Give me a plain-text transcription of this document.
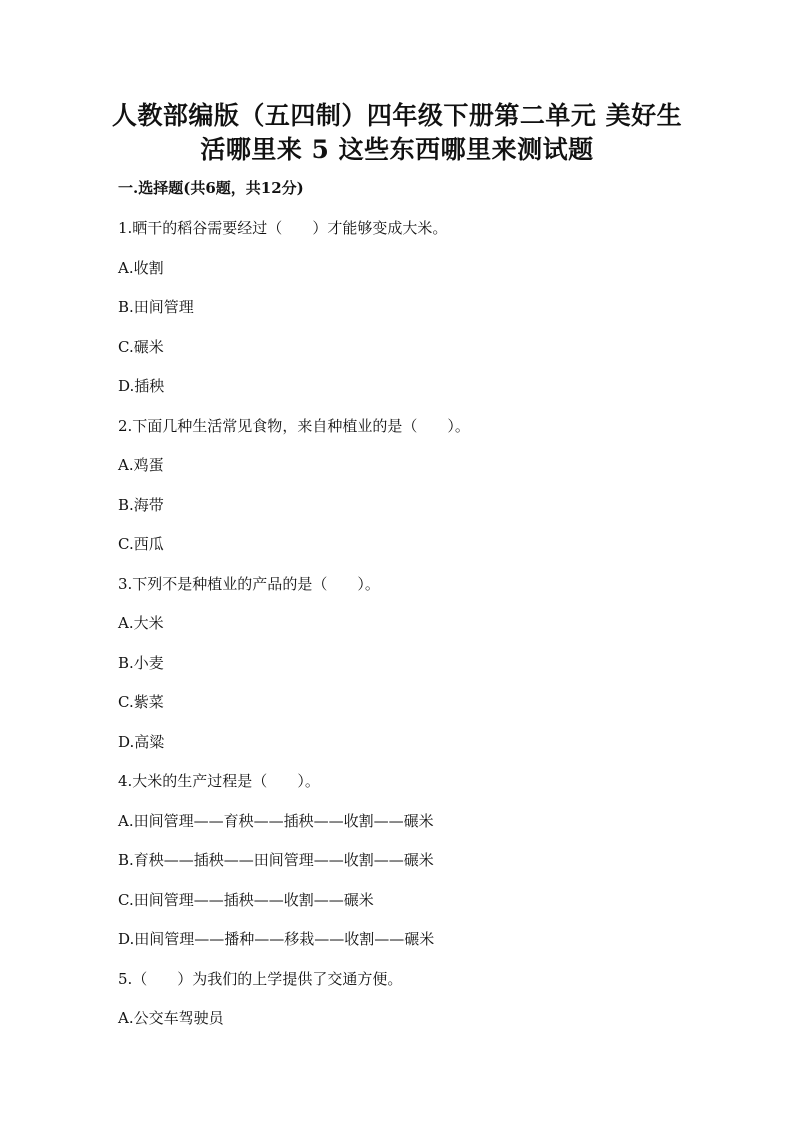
人教部编版（五四制）四年级下册第二单元 美好生
活哪里来 5 这些东西哪里来测试题
一.选择题(共6题，共12分)
1.晒干的稻谷需要经过（　　）才能够变成大米。
A.收割
B.田间管理
C.碾米
D.插秧
2.下面几种生活常见食物，来自种植业的是（　　）。
A.鸡蛋
B.海带
C.西瓜
3.下列不是种植业的产品的是（　　）。
A.大米
B.小麦
C.紫菜
D.高粱
4.大米的生产过程是（　　）。
A.田间管理——育秧——插秧——收割——碾米
B.育秧——插秧——田间管理——收割——碾米
C.田间管理——插秧——收割——碾米
D.田间管理——播种——移栽——收割——碾米
5.（　　）为我们的上学提供了交通方便。
A.公交车驾驶员
